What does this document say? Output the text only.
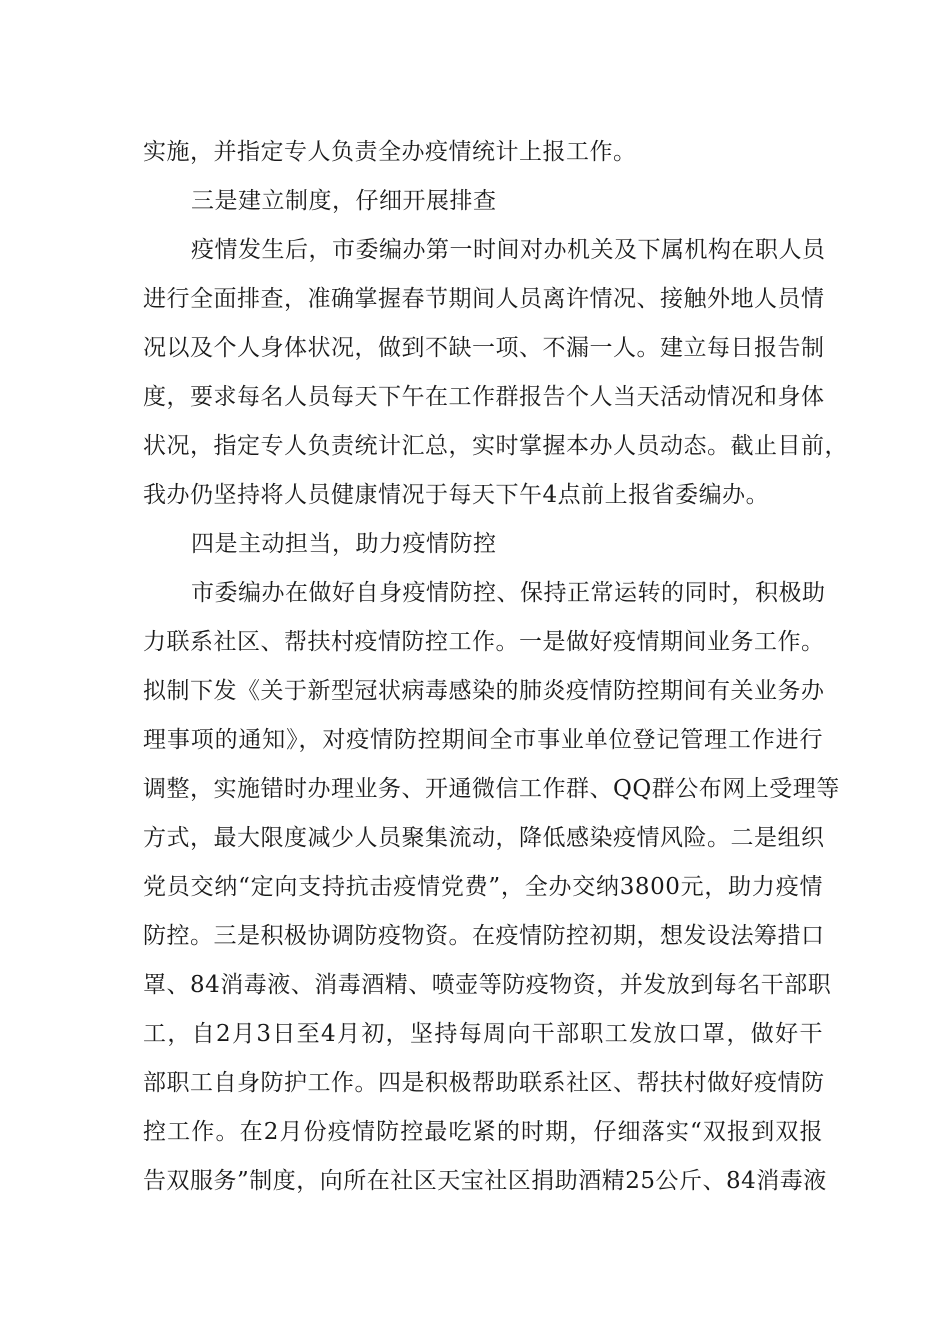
实施，并指定专人负责全办疫情统计上报工作。
三是建立制度，仔细开展排查
疫情发生后，市委编办第一时间对办机关及下属机构在职人员
进行全面排查，准确掌握春节期间人员离许情况、接触外地人员情
况以及个人身体状况，做到不缺一项、不漏一人。建立每日报告制
度，要求每名人员每天下午在工作群报告个人当天活动情况和身体
状况，指定专人负责统计汇总，实时掌握本办人员动态。截止目前，
我办仍坚持将人员健康情况于每天下午4点前上报省委编办。
四是主动担当，助力疫情防控
市委编办在做好自身疫情防控、保持正常运转的同时，积极助
力联系社区、帮扶村疫情防控工作。一是做好疫情期间业务工作。
拟制下发《关于新型冠状病毒感染的肺炎疫情防控期间有关业务办
理事项的通知》，对疫情防控期间全市事业单位登记管理工作进行
调整，实施错时办理业务、开通微信工作群、QQ群公布网上受理等
方式，最大限度减少人员聚集流动，降低感染疫情风险。二是组织
党员交纳“定向支持抗击疫情党费”，全办交纳3800元，助力疫情
防控。三是积极协调防疫物资。在疫情防控初期，想发设法筹措口
罩、84消毒液、消毒酒精、喷壶等防疫物资，并发放到每名干部职
工，自2月3日至4月初，坚持每周向干部职工发放口罩，做好干
部职工自身防护工作。四是积极帮助联系社区、帮扶村做好疫情防
控工作。在2月份疫情防控最吃紧的时期，仔细落实“双报到双报
告双服务”制度，向所在社区天宝社区捐助酒精25公斤、84消毒液
